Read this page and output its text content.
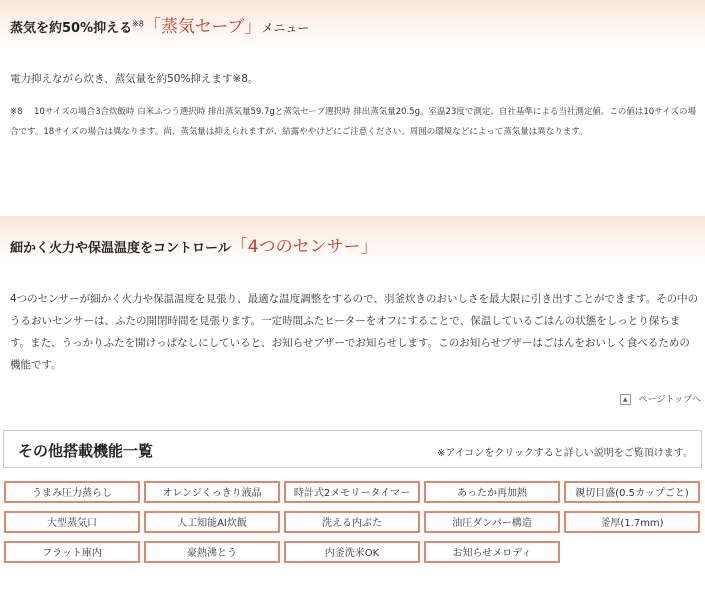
蒸気を約50%抑える$^{※8}$「蒸気セーブ」メニュー

電力抑えながら炊き、蒸気量を約50%抑えます※8。

※8 10サイズの場合3合炊飯時 白米ふつう選択時 排出蒸気量59.7gと蒸気セーブ選択時 排出蒸気量20.5g。室温23度で測定、自社基準による当社測定値。この値は10サイズの場合です。18サイズの場合は異なります。尚、蒸気量は抑えられますが、結露ややけどにご注意ください。周囲の環境などによって蒸気量は異なります。

細かく火力や保温温度をコントロール「4つのセンサー」

4つのセンサーが細かく火力や保温温度を見張り、最適な温度調整をするので、羽釜炊きのおいしさを最大限に引き出すことができます。その中のうるおいセンサーは、ふたの開閉時間を見張ります。一定時間ふたヒーターをオフにすることで、保温しているごはんの状態をしっとり保ちます。また、うっかりふたを開けっぱなしにしていると、お知らせブザーでお知らせします。このお知らせブザーはごはんをおいしく食べるための機能です。

▲ ページトップへ
その他搭載機能一覧	※アイコンをクリックすると詳しい説明をご覧頂けます。
うまみ圧力蒸らし	オレンジくっきり液晶	時計式2メモリータイマー	あったか再加熱	親切目盛(0.5カップごと)
大型蒸気口	人工知能AI炊飯	洗える内ぶた	油圧ダンパー構造	釜厚(1.7mm)
フラット庫内	豪熱沸とう	内釜洗米OK	お知らせメロディ
